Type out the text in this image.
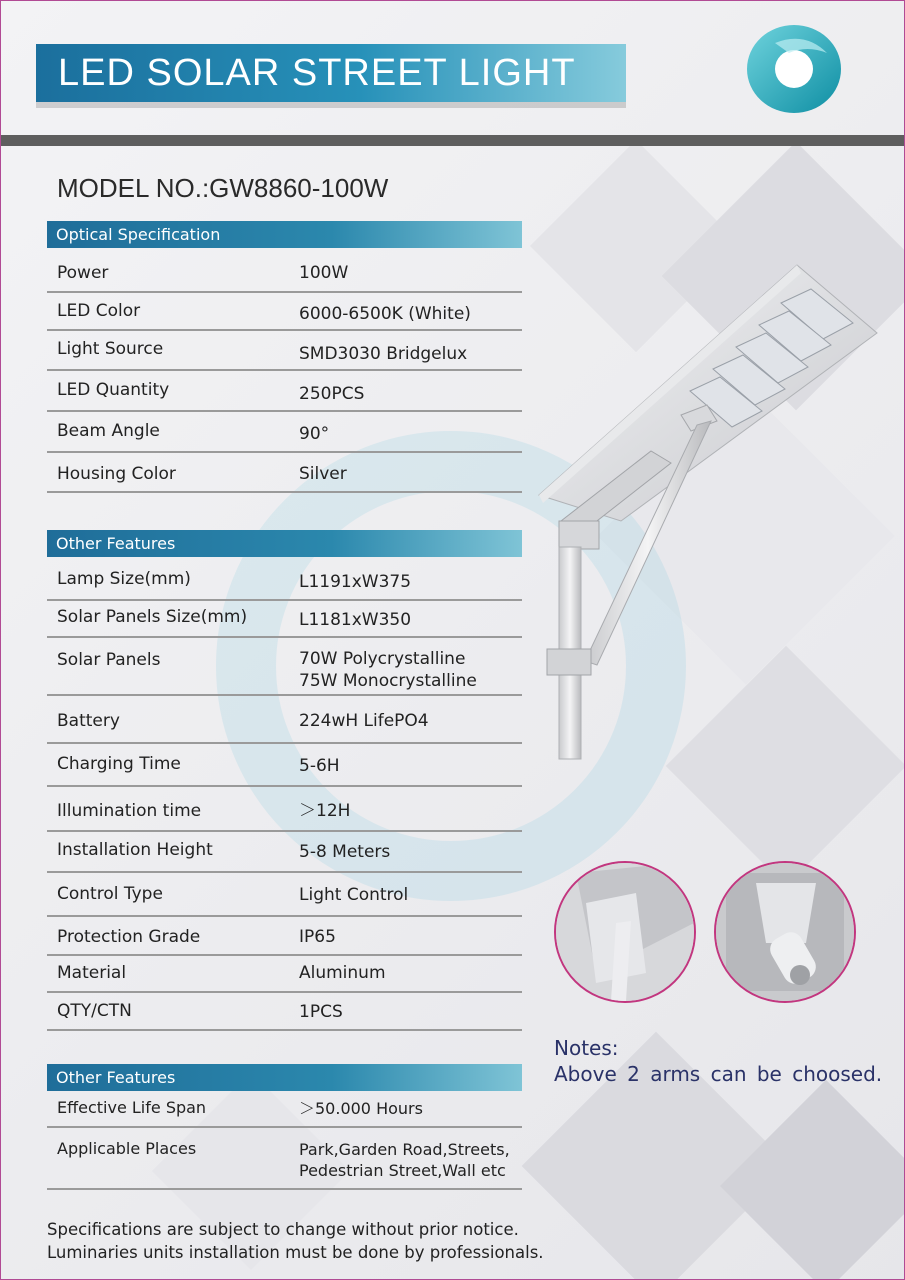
LED SOLAR STREET LIGHT
MODEL NO.:GW8860-100W
Optical Specification
Power	100W
LED Color	6000-6500K (White)
Light Source	SMD3030 Bridgelux
LED Quantity	250PCS
Beam Angle	90°
Housing Color	Silver
Other Features
Lamp Size(mm)	L1191xW375
Solar Panels Size(mm)	L1181xW350
Solar Panels	70W Polycrystalline
75W Monocrystalline
Battery	224wH LifePO4
Charging Time	5-6H
Illumination time	＞12H
Installation Height	5-8 Meters
Control Type	Light Control
Protection Grade	IP65
Material	Aluminum
QTY/CTN	1PCS
Other Features
Effective Life Span	＞50.000 Hours
Applicable Places	Park,Garden Road,Streets,
Pedestrian Street,Wall etc
Notes:
Above 2 arms can be choosed.
Specifications are subject to change without prior notice.
Luminaries units installation must be done by professionals.
